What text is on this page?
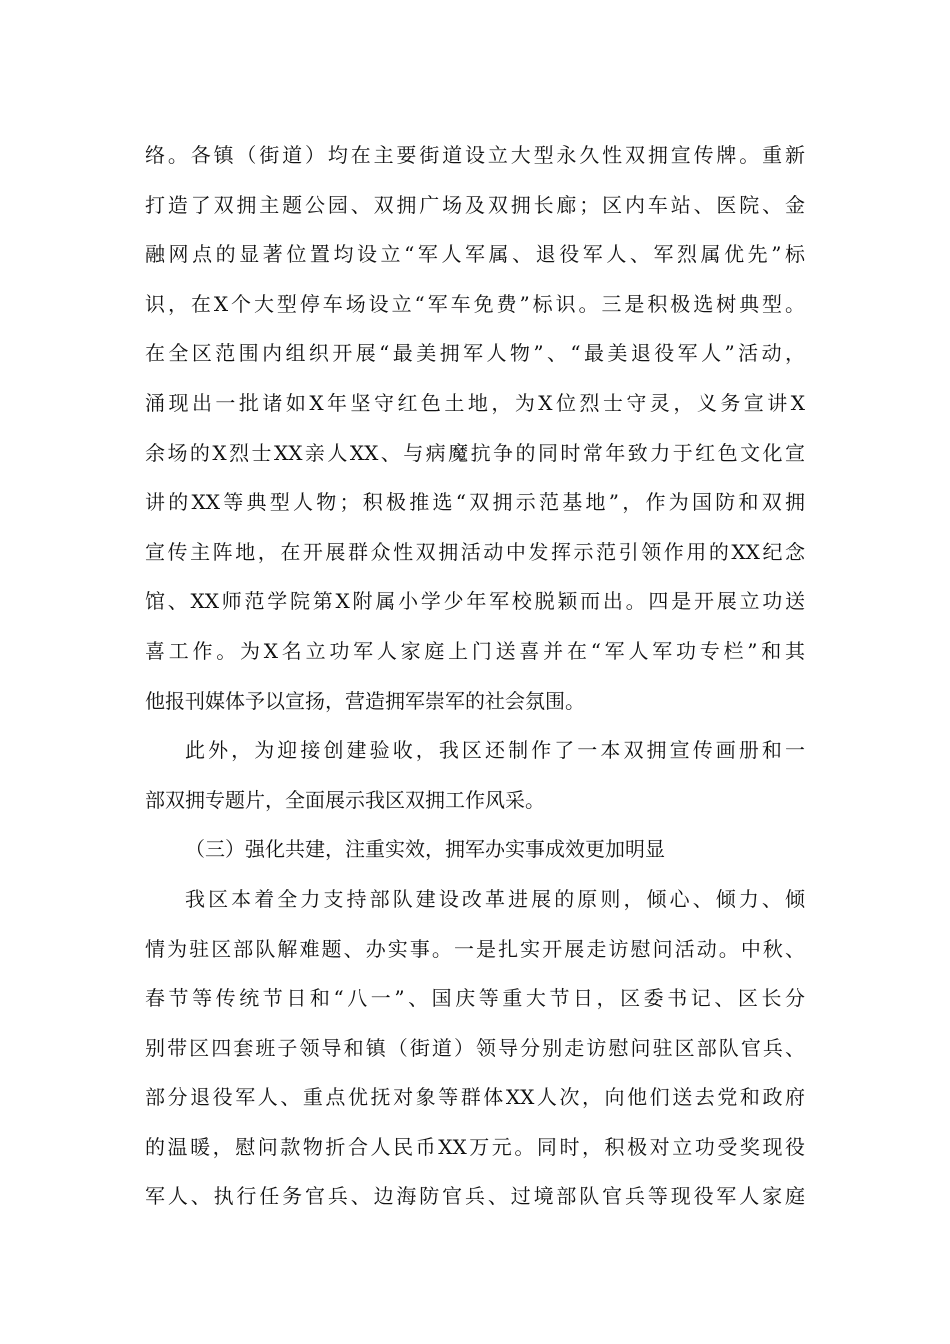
络。各镇（街道）均在主要街道设立大型永久性双拥宣传牌。重新
打造了双拥主题公园、双拥广场及双拥长廊；区内车站、医院、金
融网点的显著位置均设立“军人军属、退役军人、军烈属优先”标
识，在X个大型停车场设立“军车免费”标识。三是积极选树典型。
在全区范围内组织开展“最美拥军人物”、“最美退役军人”活动，
涌现出一批诸如X年坚守红色土地，为X位烈士守灵，义务宣讲X
余场的X烈士XX亲人XX、与病魔抗争的同时常年致力于红色文化宣
讲的XX等典型人物；积极推选“双拥示范基地”，作为国防和双拥
宣传主阵地，在开展群众性双拥活动中发挥示范引领作用的XX纪念
馆、XX师范学院第X附属小学少年军校脱颖而出。四是开展立功送
喜工作。为X名立功军人家庭上门送喜并在“军人军功专栏”和其
他报刊媒体予以宣扬，营造拥军崇军的社会氛围。
此外，为迎接创建验收，我区还制作了一本双拥宣传画册和一
部双拥专题片，全面展示我区双拥工作风采。
（三）强化共建，注重实效，拥军办实事成效更加明显
我区本着全力支持部队建设改革进展的原则，倾心、倾力、倾
情为驻区部队解难题、办实事。一是扎实开展走访慰问活动。中秋、
春节等传统节日和“八一”、国庆等重大节日，区委书记、区长分
别带区四套班子领导和镇（街道）领导分别走访慰问驻区部队官兵、
部分退役军人、重点优抚对象等群体XX人次，向他们送去党和政府
的温暖，慰问款物折合人民币XX万元。同时，积极对立功受奖现役
军人、执行任务官兵、边海防官兵、过境部队官兵等现役军人家庭
